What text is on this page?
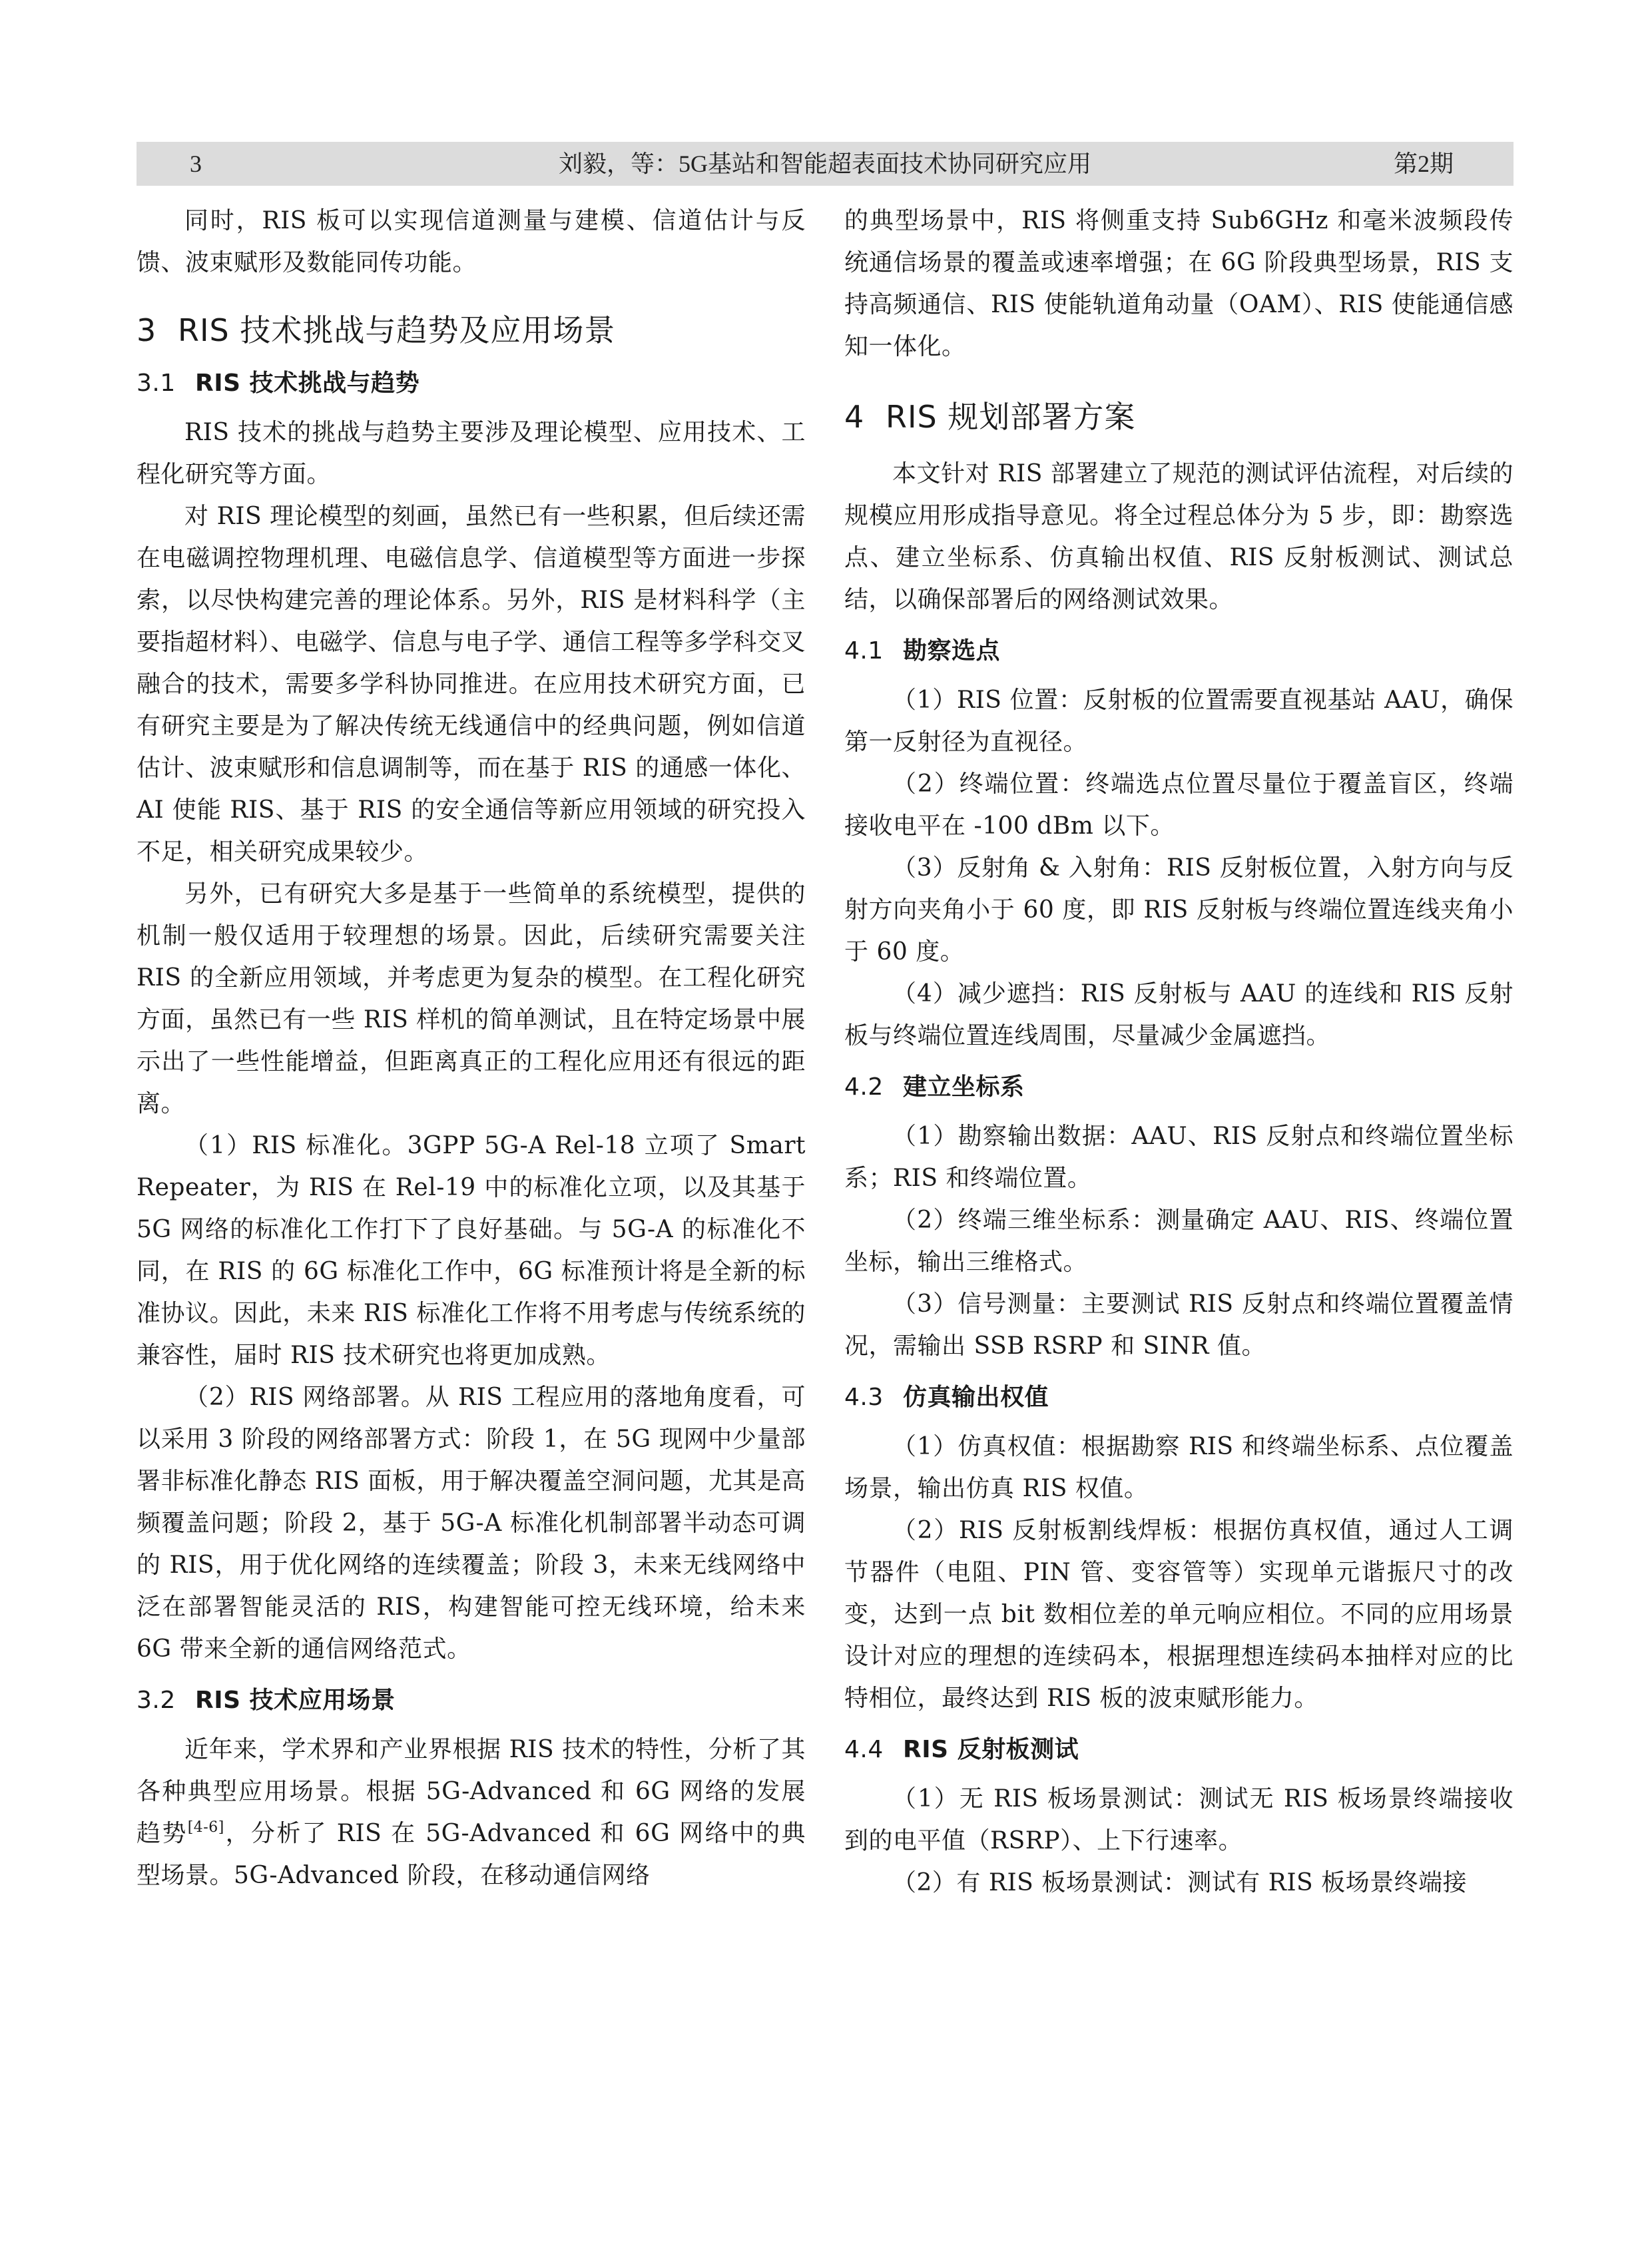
3	刘毅，等：5G基站和智能超表面技术协同研究应用	第2期

同时，RIS 板可以实现信道测量与建模、信道估计与反馈、波束赋形及数能同传功能。

3 RIS 技术挑战与趋势及应用场景
3.1 RIS 技术挑战与趋势

RIS 技术的挑战与趋势主要涉及理论模型、应用技术、工程化研究等方面。

对 RIS 理论模型的刻画，虽然已有一些积累，但后续还需在电磁调控物理机理、电磁信息学、信道模型等方面进一步探索，以尽快构建完善的理论体系。另外，RIS 是材料科学（主要指超材料）、电磁学、信息与电子学、通信工程等多学科交叉融合的技术，需要多学科协同推进。在应用技术研究方面，已有研究主要是为了解决传统无线通信中的经典问题，例如信道估计、波束赋形和信息调制等，而在基于 RIS 的通感一体化、AI 使能 RIS、基于 RIS 的安全通信等新应用领域的研究投入不足，相关研究成果较少。

另外，已有研究大多是基于一些简单的系统模型，提供的机制一般仅适用于较理想的场景。因此，后续研究需要关注 RIS 的全新应用领域，并考虑更为复杂的模型。在工程化研究方面，虽然已有一些 RIS 样机的简单测试，且在特定场景中展示出了一些性能增益，但距离真正的工程化应用还有很远的距离。

（1）RIS 标准化。3GPP 5G-A Rel-18 立项了 Smart Repeater，为 RIS 在 Rel-19 中的标准化立项，以及其基于 5G 网络的标准化工作打下了良好基础。与 5G-A 的标准化不同，在 RIS 的 6G 标准化工作中，6G 标准预计将是全新的标准协议。因此，未来 RIS 标准化工作将不用考虑与传统系统的兼容性，届时 RIS 技术研究也将更加成熟。

（2）RIS 网络部署。从 RIS 工程应用的落地角度看，可以采用 3 阶段的网络部署方式：阶段 1，在 5G 现网中少量部署非标准化静态 RIS 面板，用于解决覆盖空洞问题，尤其是高频覆盖问题；阶段 2，基于 5G-A 标准化机制部署半动态可调的 RIS，用于优化网络的连续覆盖；阶段 3，未来无线网络中泛在部署智能灵活的 RIS，构建智能可控无线环境，给未来 6G 带来全新的通信网络范式。

3.2 RIS 技术应用场景

近年来，学术界和产业界根据 RIS 技术的特性，分析了其各种典型应用场景。根据 5G-Advanced 和 6G 网络的发展趋势[4-6]，分析了 RIS 在 5G-Advanced 和 6G 网络中的典型场景。5G-Advanced 阶段，在移动通信网络

的典型场景中，RIS 将侧重支持 Sub6GHz 和毫米波频段传统通信场景的覆盖或速率增强；在 6G 阶段典型场景，RIS 支持高频通信、RIS 使能轨道角动量（OAM）、RIS 使能通信感知一体化。

4 RIS 规划部署方案

本文针对 RIS 部署建立了规范的测试评估流程，对后续的规模应用形成指导意见。将全过程总体分为 5 步，即：勘察选点、建立坐标系、仿真输出权值、RIS 反射板测试、测试总结，以确保部署后的网络测试效果。

4.1 勘察选点

（1）RIS 位置：反射板的位置需要直视基站 AAU，确保第一反射径为直视径。

（2）终端位置：终端选点位置尽量位于覆盖盲区，终端接收电平在 -100 dBm 以下。

（3）反射角 & 入射角：RIS 反射板位置，入射方向与反射方向夹角小于 60 度，即 RIS 反射板与终端位置连线夹角小于 60 度。

（4）减少遮挡：RIS 反射板与 AAU 的连线和 RIS 反射板与终端位置连线周围，尽量减少金属遮挡。

4.2 建立坐标系

（1）勘察输出数据：AAU、RIS 反射点和终端位置坐标系；RIS 和终端位置。

（2）终端三维坐标系：测量确定 AAU、RIS、终端位置坐标，输出三维格式。

（3）信号测量：主要测试 RIS 反射点和终端位置覆盖情况，需输出 SSB RSRP 和 SINR 值。

4.3 仿真输出权值

（1）仿真权值：根据勘察 RIS 和终端坐标系、点位覆盖场景，输出仿真 RIS 权值。

（2）RIS 反射板割线焊板：根据仿真权值，通过人工调节器件（电阻、PIN 管、变容管等）实现单元谐振尺寸的改变，达到一点 bit 数相位差的单元响应相位。不同的应用场景设计对应的理想的连续码本，根据理想连续码本抽样对应的比特相位，最终达到 RIS 板的波束赋形能力。

4.4 RIS 反射板测试

（1）无 RIS 板场景测试：测试无 RIS 板场景终端接收到的电平值（RSRP）、上下行速率。

（2）有 RIS 板场景测试：测试有 RIS 板场景终端接
